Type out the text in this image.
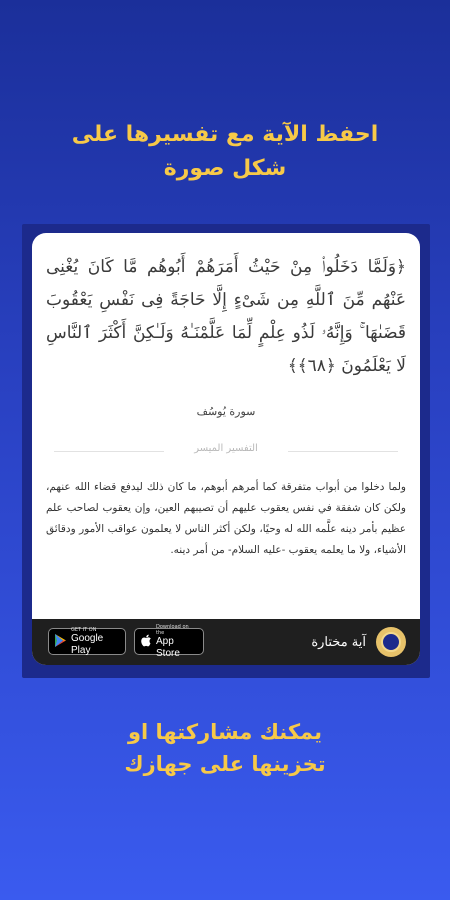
احفظ الآية مع تفسيرها على
شكل صورة
﴿وَلَمَّا دَخَلُوا۟ مِنْ حَيْثُ أَمَرَهُمْ أَبُوهُم مَّا كَانَ يُغْنِى عَنْهُم مِّنَ ٱللَّهِ مِن شَىْءٍ إِلَّا حَاجَةً فِى نَفْسِ يَعْقُوبَ قَضَىٰهَا ۚ وَإِنَّهُۥ لَذُو عِلْمٍ لِّمَا عَلَّمْنَـٰهُ وَلَـٰكِنَّ أَكْثَرَ ٱلنَّاسِ لَا يَعْلَمُونَ ﴿٦٨﴾﴾
سورة يُوسُف
التفسير الميسر
ولما دخلوا من أبواب متفرقة كما أمرهم أبوهم، ما كان ذلك ليدفع قضاء الله عنهم، ولكن كان شفقة في نفس يعقوب عليهم أن تصيبهم العين، وإن يعقوب لصاحب علم عظيم بأمر دينه علَّمه الله له وحيًا، ولكن أكثر الناس لا يعلمون عواقب الأمور ودقائق الأشياء، ولا ما يعلمه يعقوب -عليه السلام- من أمر دينه.
GET IT ON
Google Play
Download on the
App Store
آية مختارة
يمكنك مشاركتها او
تخزينها على جهازك
